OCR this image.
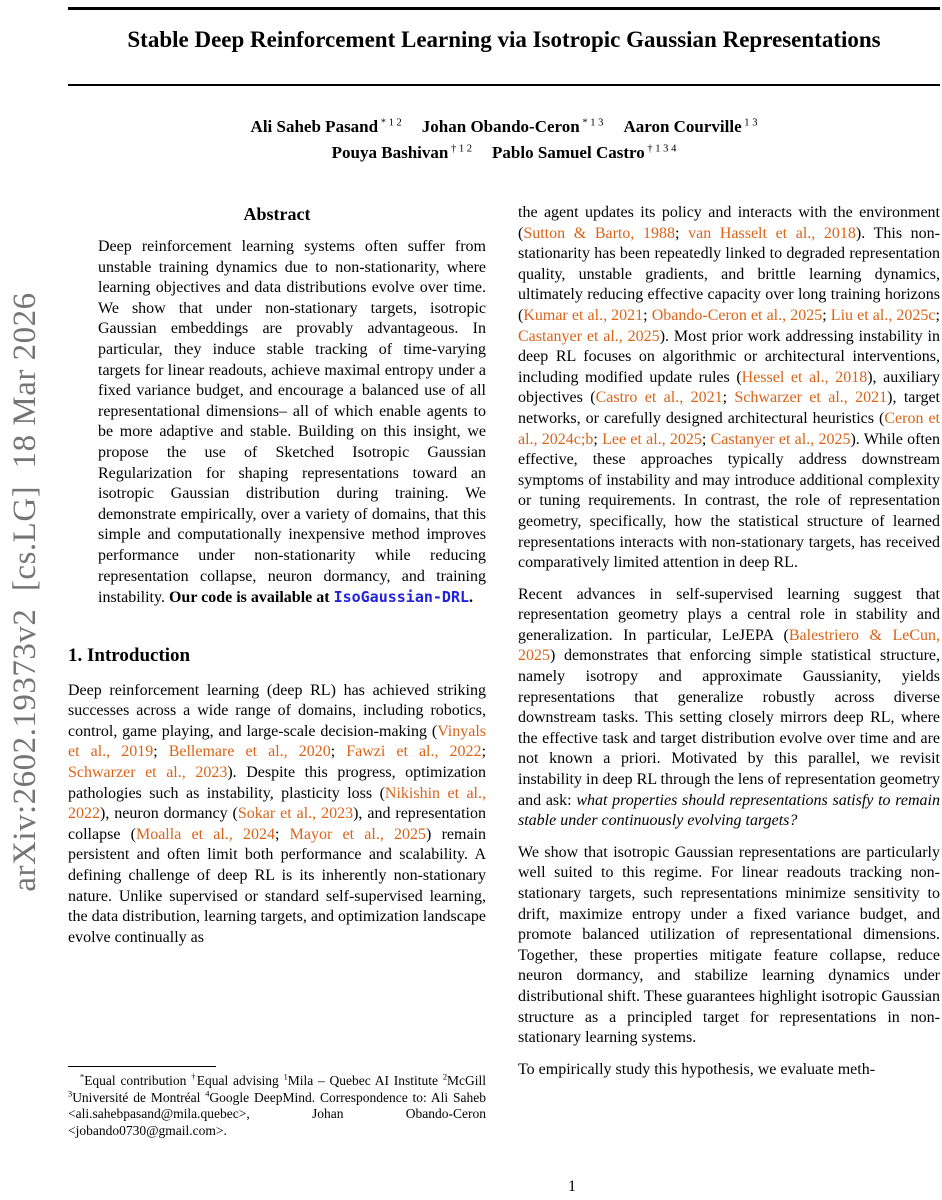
arXiv:2602.19373v2  [cs.LG]  18 Mar 2026
Stable Deep Reinforcement Learning via Isotropic Gaussian Representations
Ali Saheb Pasand $^{* 1 2}$ Johan Obando-Ceron $^{* 1 3}$ Aaron Courville $^{1 3}$
Pouya Bashivan $^{\dagger 1 2}$ Pablo Samuel Castro $^{\dagger 1 3 4}$
Abstract

Deep reinforcement learning systems often suffer from unstable training dynamics due to non-stationarity, where learning objectives and data distributions evolve over time. We show that under non-stationary targets, isotropic Gaussian embeddings are provably advantageous. In particular, they induce stable tracking of time-varying targets for linear readouts, achieve maximal entropy under a fixed variance budget, and encourage a balanced use of all representational dimensions– all of which enable agents to be more adaptive and stable. Building on this insight, we propose the use of Sketched Isotropic Gaussian Regularization for shaping representations toward an isotropic Gaussian distribution during training. We demonstrate empirically, over a variety of domains, that this simple and computationally inexpensive method improves performance under non-stationarity while reducing representation collapse, neuron dormancy, and training instability. Our code is available at IsoGaussian-DRL.

1. Introduction

Deep reinforcement learning (deep RL) has achieved striking successes across a wide range of domains, including robotics, control, game playing, and large-scale decision-making (Vinyals et al., 2019; Bellemare et al., 2020; Fawzi et al., 2022; Schwarzer et al., 2023). Despite this progress, optimization pathologies such as instability, plasticity loss (Nikishin et al., 2022), neuron dormancy (Sokar et al., 2023), and representation collapse (Moalla et al., 2024; Mayor et al., 2025) remain persistent and often limit both performance and scalability. A defining challenge of deep RL is its inherently non-stationary nature. Unlike supervised or standard self-supervised learning, the data distribution, learning targets, and optimization landscape evolve continually as

*Equal contribution †Equal advising $^1$Mila – Quebec AI Institute $^2$McGill $^3$Université de Montréal $^4$Google DeepMind. Correspondence to: Ali Saheb <ali.sahebpasand@mila.quebec>, Johan Obando-Ceron <jobando0730@gmail.com>.

the agent updates its policy and interacts with the environment (Sutton & Barto, 1988; van Hasselt et al., 2018). This non-stationarity has been repeatedly linked to degraded representation quality, unstable gradients, and brittle learning dynamics, ultimately reducing effective capacity over long training horizons (Kumar et al., 2021; Obando-Ceron et al., 2025; Liu et al., 2025c; Castanyer et al., 2025). Most prior work addressing instability in deep RL focuses on algorithmic or architectural interventions, including modified update rules (Hessel et al., 2018), auxiliary objectives (Castro et al., 2021; Schwarzer et al., 2021), target networks, or carefully designed architectural heuristics (Ceron et al., 2024c;b; Lee et al., 2025; Castanyer et al., 2025). While often effective, these approaches typically address downstream symptoms of instability and may introduce additional complexity or tuning requirements. In contrast, the role of representation geometry, specifically, how the statistical structure of learned representations interacts with non-stationary targets, has received comparatively limited attention in deep RL.

Recent advances in self-supervised learning suggest that representation geometry plays a central role in stability and generalization. In particular, LeJEPA (Balestriero & LeCun, 2025) demonstrates that enforcing simple statistical structure, namely isotropy and approximate Gaussianity, yields representations that generalize robustly across diverse downstream tasks. This setting closely mirrors deep RL, where the effective task and target distribution evolve over time and are not known a priori. Motivated by this parallel, we revisit instability in deep RL through the lens of representation geometry and ask: what properties should representations satisfy to remain stable under continuously evolving targets?

We show that isotropic Gaussian representations are particularly well suited to this regime. For linear readouts tracking non-stationary targets, such representations minimize sensitivity to drift, maximize entropy under a fixed variance budget, and promote balanced utilization of representational dimensions. Together, these properties mitigate feature collapse, reduce neuron dormancy, and stabilize learning dynamics under distributional shift. These guarantees highlight isotropic Gaussian structure as a principled target for representations in non-stationary learning systems.

To empirically study this hypothesis, we evaluate meth-

1
